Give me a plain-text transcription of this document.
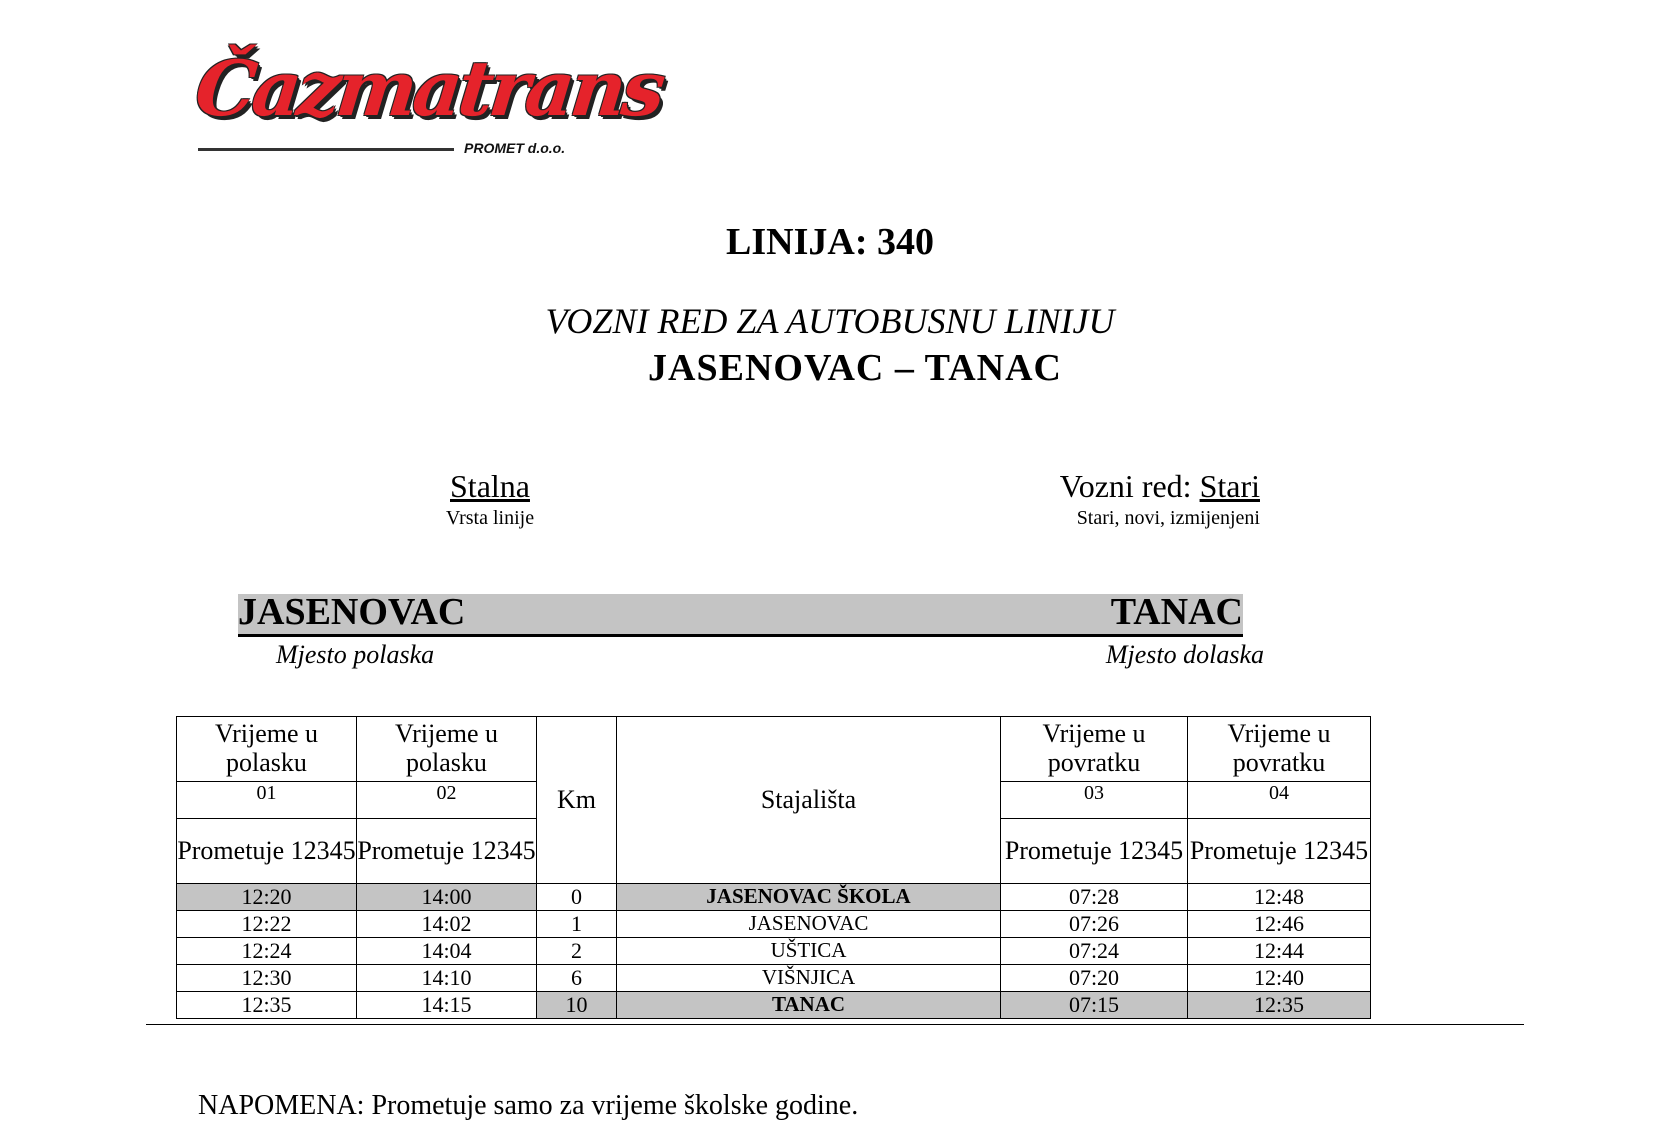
Čazmatrans
PROMET d.o.o.
LINIJA: 340
VOZNI RED ZA AUTOBUSNU LINIJU
JASENOVAC – TANAC
Stalna
Vrsta linije
Vozni red: Stari
Stari, novi, izmijenjeni
JASENOVAC	TANAC
Mjesto polaska	Mjesto dolaska
Vrijeme u polasku	Vrijeme u polasku	Km	Stajališta	Vrijeme u povratku	Vrijeme u povratku
01	02			03	04
Prometuje 12345	Prometuje 12345			Prometuje 12345	Prometuje 12345
12:20	14:00	0	JASENOVAC ŠKOLA	07:28	12:48
12:22	14:02	1	JASENOVAC	07:26	12:46
12:24	14:04	2	UŠTICA	07:24	12:44
12:30	14:10	6	VIŠNJICA	07:20	12:40
12:35	14:15	10	TANAC	07:15	12:35
NAPOMENA: Prometuje samo za vrijeme školske godine.
